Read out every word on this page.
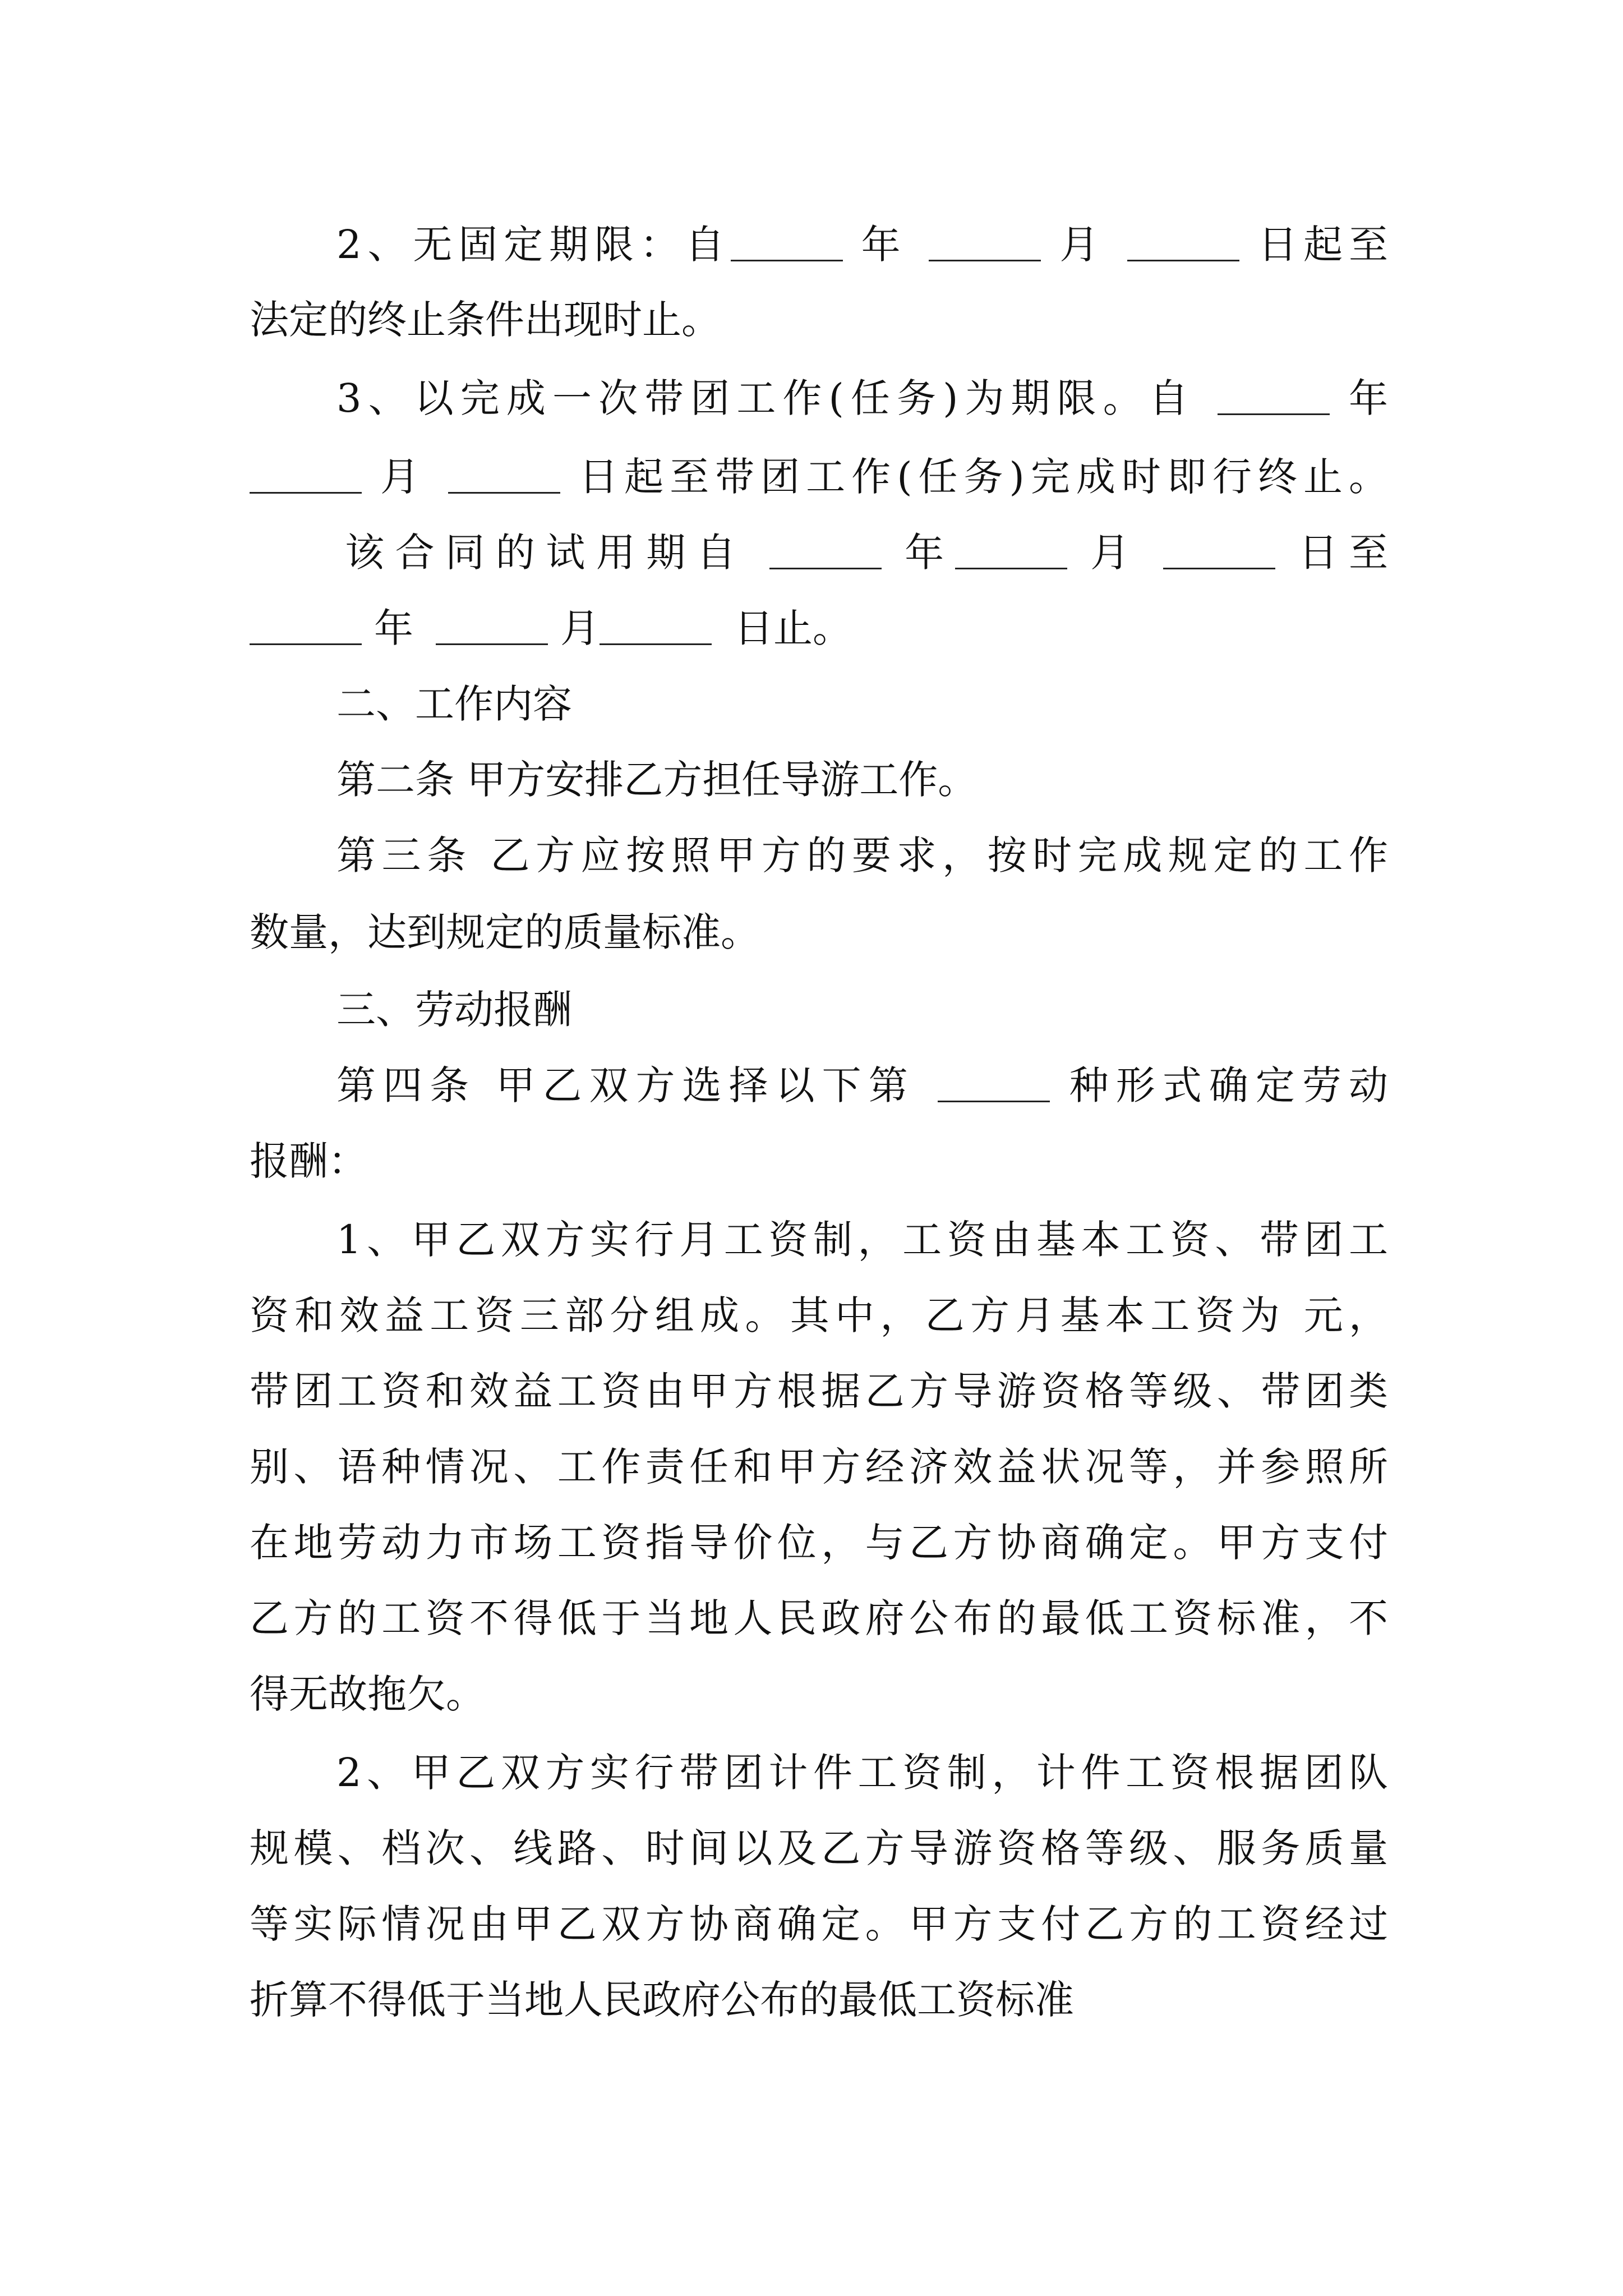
2、无固定期限：自	年	月	日起至
法定的终止条件出现时止。
3、以完成一次带团工作(任务)为期限。自	年
月	日起至带团工作(任务)完成时即行终止。
该合同的试用期自	年	月	日至
年	月	日止。
二、工作内容
第二条 甲方安排乙方担任导游工作。
第三条 乙方应按照甲方的要求，按时完成规定的工作
数量，达到规定的质量标准。
三、劳动报酬
第四条 甲乙双方选择以下第	种形式确定劳动
报酬：
1、甲乙双方实行月工资制，工资由基本工资、带团工
资和效益工资三部分组成。其中，乙方月基本工资为 元，
带团工资和效益工资由甲方根据乙方导游资格等级、带团类
别、语种情况、工作责任和甲方经济效益状况等，并参照所
在地劳动力市场工资指导价位，与乙方协商确定。甲方支付
乙方的工资不得低于当地人民政府公布的最低工资标准，不
得无故拖欠。
2、甲乙双方实行带团计件工资制，计件工资根据团队
规模、档次、线路、时间以及乙方导游资格等级、服务质量
等实际情况由甲乙双方协商确定。甲方支付乙方的工资经过
折算不得低于当地人民政府公布的最低工资标准
